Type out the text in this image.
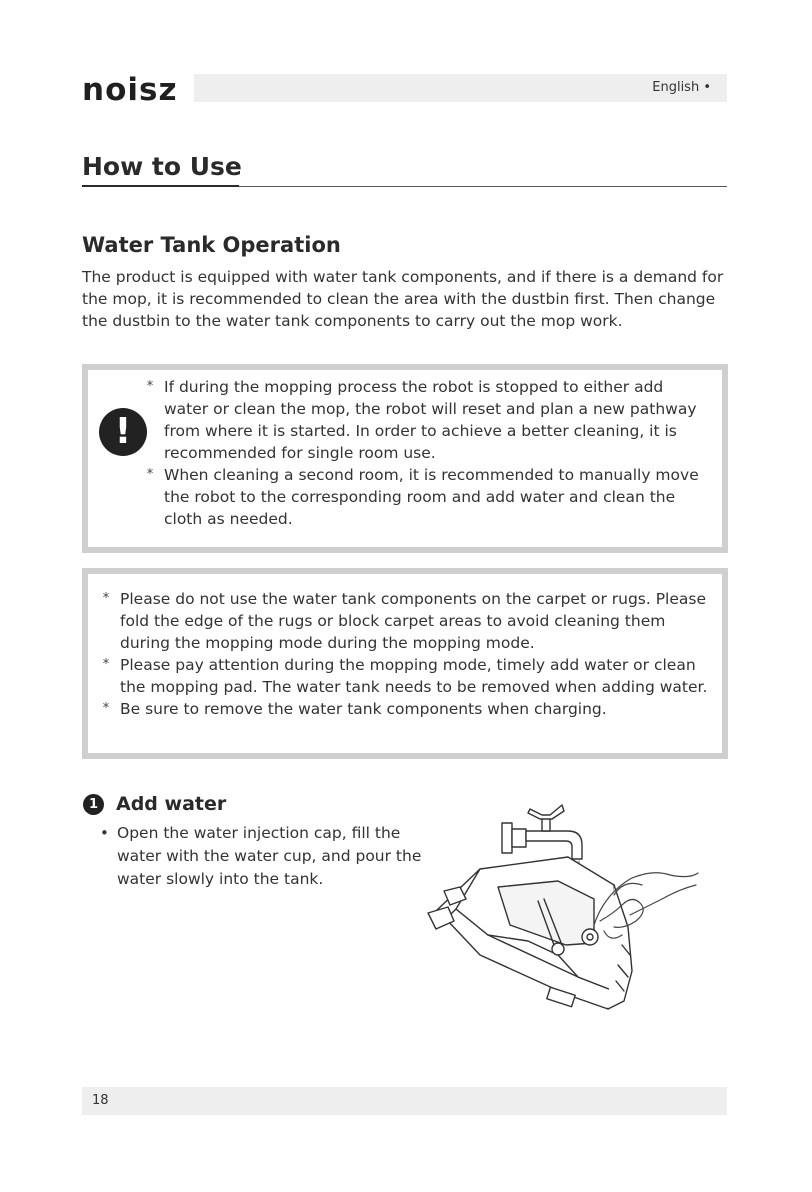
noisz	English •
How to Use
Water Tank Operation
The product is equipped with water tank components, and if there is a demand for the mop, it is recommended to clean the area with the dustbin first. Then change the dustbin to the water tank components to carry out the mop work.
!
* If during the mopping process the robot is stopped to either add water or clean the mop, the robot will reset and plan a new pathway from where it is started. In order to achieve a better cleaning, it is recommended for single room use.
* When cleaning a second room, it is recommended to manually move the robot to the corresponding room and add water and clean the cloth as needed.
* Please do not use the water tank components on the carpet or rugs. Please fold the edge of the rugs or block carpet areas to avoid cleaning them during the mopping mode during the mopping mode.
* Please pay attention during the mopping mode, timely add water or clean the mopping pad. The water tank needs to be removed when adding water.
* Be sure to remove the water tank components when charging.
1 Add water
• Open the water injection cap, fill the water with the water cup, and pour the water slowly into the tank.
18
